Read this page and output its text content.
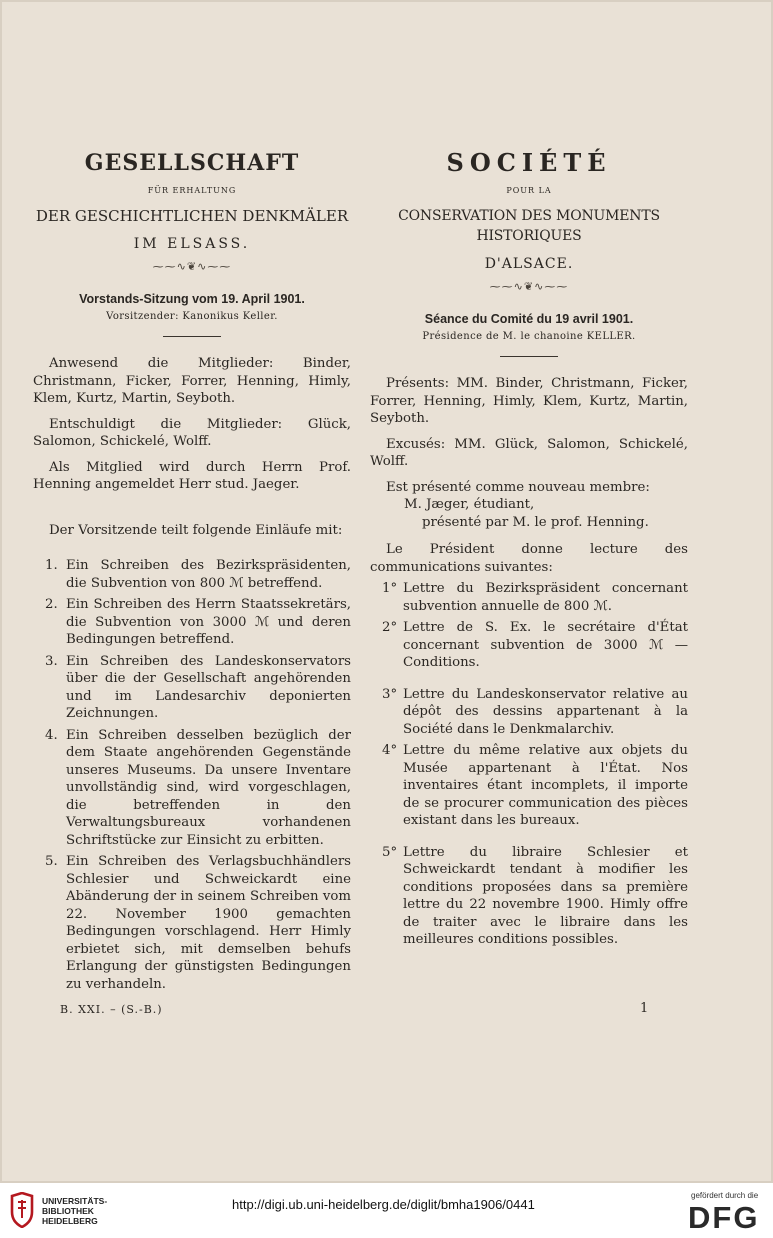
GESELLSCHAFT
FÜR ERHALTUNG
DER GESCHICHTLICHEN DENKMÄLER
IM ELSASS.
⁓⁓∿❦∿⁓⁓
Vorstands-Sitzung vom 19. April 1901.
Vorsitzender: Kanonikus Keller.

Anwesend die Mitglieder: Binder, Christmann, Ficker, Forrer, Henning, Himly, Klem, Kurtz, Martin, Seyboth.

Entschuldigt die Mitglieder: Glück, Salomon, Schickelé, Wolff.

Als Mitglied wird durch Herrn Prof. Henning angemeldet Herr stud. Jaeger.

Der Vorsitzende teilt folgende Einläufe mit:

1. Ein Schreiben des Bezirkspräsidenten, die Subvention von 800 ℳ betreffend.
2. Ein Schreiben des Herrn Staatssekretärs, die Subvention von 3000 ℳ und deren Bedingungen betreffend.
3. Ein Schreiben des Landeskonservators über die der Gesellschaft angehörenden und im Landesarchiv deponierten Zeichnungen.
4. Ein Schreiben desselben bezüglich der dem Staate angehörenden Gegenstände unseres Museums. Da unsere Inventare unvollständig sind, wird vorgeschlagen, die betreffenden in den Verwaltungsbureaux vorhandenen Schriftstücke zur Einsicht zu erbitten.
5. Ein Schreiben des Verlagsbuchhändlers Schlesier und Schweickardt eine Abänderung der in seinem Schreiben vom 22. November 1900 gemachten Bedingungen vorschlagend. Herr Himly erbietet sich, mit demselben behufs Erlangung der günstigsten Bedingungen zu verhandeln.
SOCIÉTÉ
POUR LA
CONSERVATION DES MONUMENTS HISTORIQUES
D'ALSACE.
⁓⁓∿❦∿⁓⁓
Séance du Comité du 19 avril 1901.
Présidence de M. le chanoine KELLER.

Présents: MM. Binder, Christmann, Ficker, Forrer, Henning, Himly, Klem, Kurtz, Martin, Seyboth.

Excusés: MM. Glück, Salomon, Schickelé, Wolff.

Est présenté comme nouveau membre:

M. Jæger, étudiant,

présenté par M. le prof. Henning.

Le Président donne lecture des communications suivantes:

1° Lettre du Bezirkspräsident concernant subvention annuelle de 800 ℳ.
2° Lettre de S. Ex. le secrétaire d'État concernant subvention de 3000 ℳ — Conditions.
3° Lettre du Landeskonservator relative au dépôt des dessins appartenant à la Société dans le Denkmalarchiv.
4° Lettre du même relative aux objets du Musée appartenant à l'État. Nos inventaires étant incomplets, il importe de se procurer communication des pièces existant dans les bureaux.
5° Lettre du libraire Schlesier et Schweickardt tendant à modifier les conditions proposées dans sa première lettre du 22 novembre 1900. Himly offre de traiter avec le libraire dans les meilleures conditions possibles.
B. XXI. – (S.-B.)	1
UNIVERSITÄTS-
BIBLIOTHEK
HEIDELBERG
http://digi.ub.uni-heidelberg.de/diglit/bmha1906/0441
gefördert durch die
DFG
